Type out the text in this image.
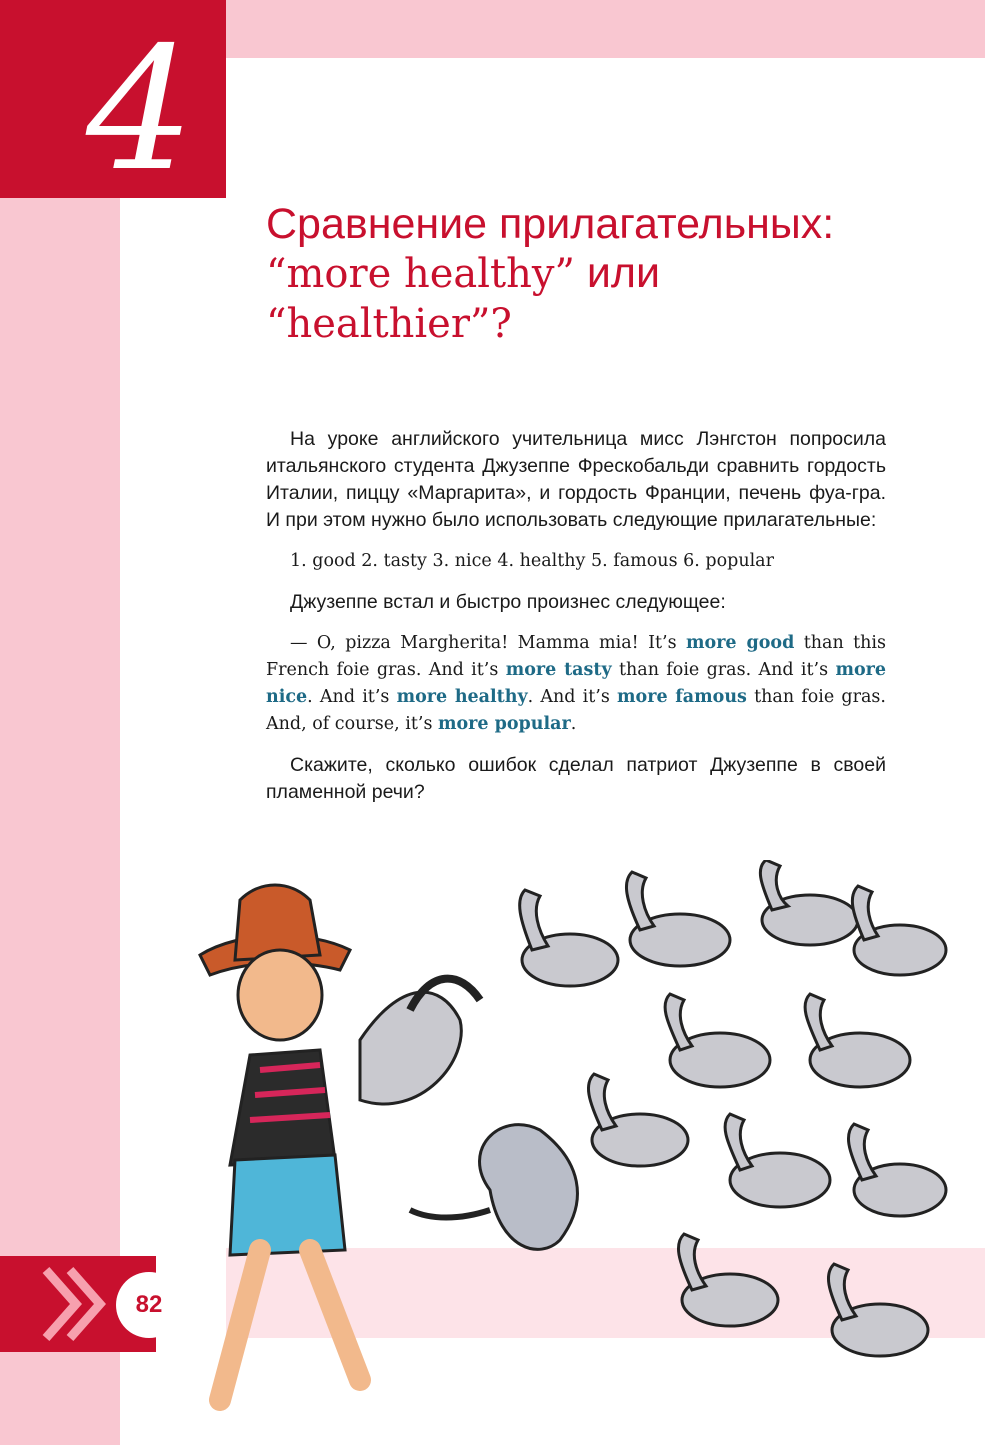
4
Сравнение прилагательных:
“more healthy” или
“healthier”?

На уроке английского учительница мисс Лэнгстон попросила итальянского студента Джузеппе Фрескобальди сравнить гордость Италии, пиццу «Маргарита», и гордость Франции, печень фуа-гра. И при этом нужно было использовать следующие прилагательные:

1. good 2. tasty 3. nice 4. healthy 5. famous 6. popular

Джузеппе встал и быстро произнес следующее:

— O, pizza Margherita! Mamma mia! It’s more good than this French foie gras. And it’s more tasty than foie gras. And it’s more nice. And it’s more healthy. And it’s more famous than foie gras. And, of course, it’s more popular.

Скажите, сколько ошибок сделал патриот Джузеппе в своей пламенной речи?

82
